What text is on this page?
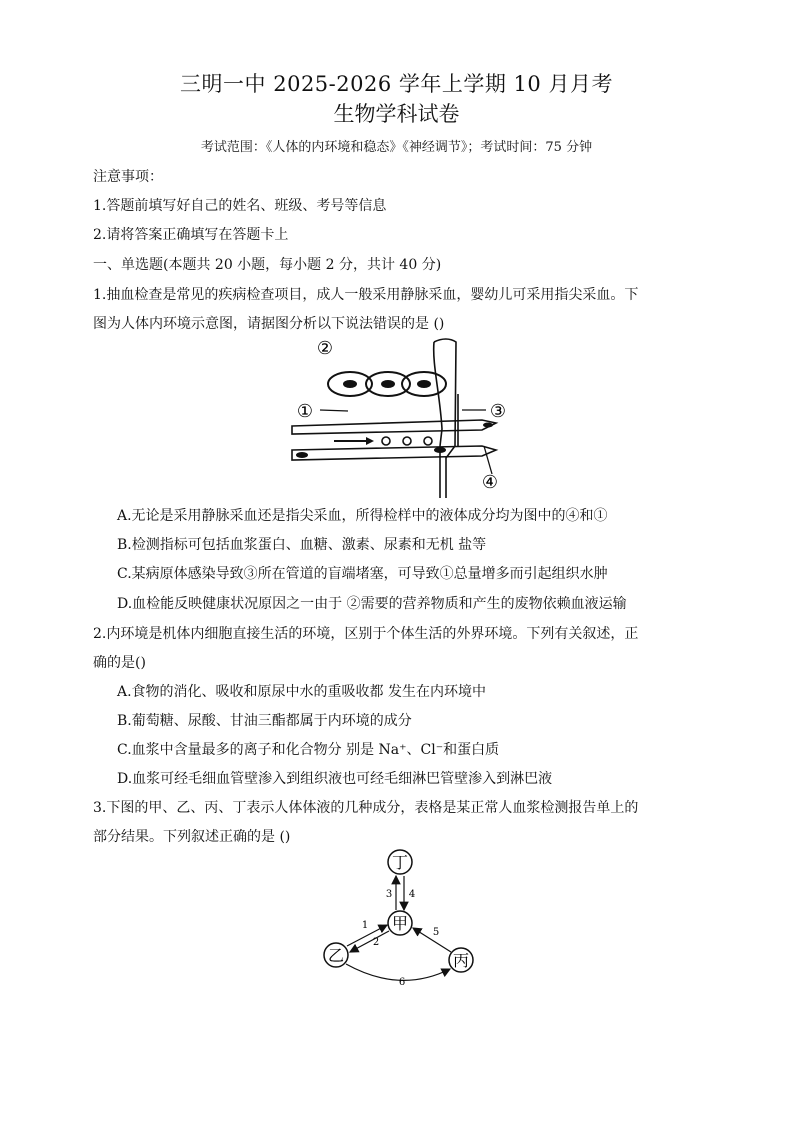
三明一中 2025-2026 学年上学期 10 月月考
生物学科试卷
考试范围：《人体的内环境和稳态》《神经调节》；考试时间：75 分钟
注意事项：
1.答题前填写好自己的姓名、班级、考号等信息
2.请将答案正确填写在答题卡上
一、单选题(本题共 20 小题，每小题 2 分，共计 40 分)
1.抽血检查是常见的疾病检查项目，成人一般采用静脉采血，婴幼儿可采用指尖采血。下
图为人体内环境示意图，请据图分析以下说法错误的是 ()
②
①	③
④
A.无论是采用静脉采血还是指尖采血，所得检样中的液体成分均为图中的④和①
B.检测指标可包括血浆蛋白、血糖、激素、尿素和无机 盐等
C.某病原体感染导致③所在管道的盲端堵塞，可导致①总量增多而引起组织水肿
D.血检能反映健康状况原因之一由于 ②需要的营养物质和产生的废物依赖血液运输
2.内环境是机体内细胞直接生活的环境，区别于个体生活的外界环境。下列有关叙述，正
确的是()
A.食物的消化、吸收和原尿中水的重吸收都 发生在内环境中
B.葡萄糖、尿酸、甘油三酯都属于内环境的成分
C.血浆中含量最多的离子和化合物分 别是 Na⁺、Cl⁻和蛋白质
D.血浆可经毛细血管壁渗入到组织液也可经毛细淋巴管壁渗入到淋巴液
3.下图的甲、乙、丙、丁表示人体体液的几种成分，表格是某正常人血浆检测报告单上的
部分结果。下列叙述正确的是 ()
丁
甲
乙	丙
3 4
1
2
5
6
